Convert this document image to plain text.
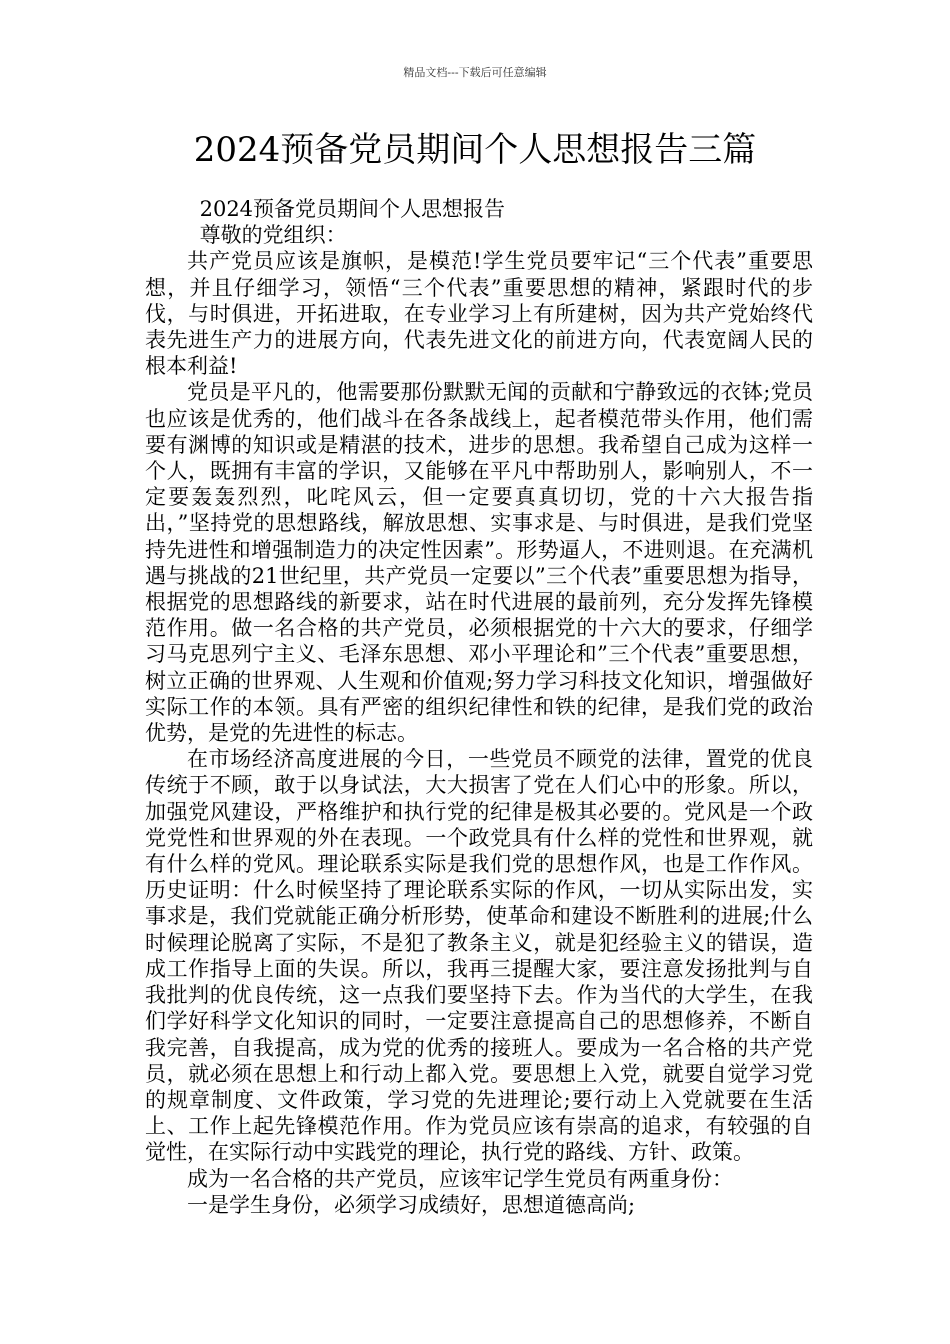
精品文档---下载后可任意编辑
2024预备党员期间个人思想报告三篇

2024预备党员期间个人思想报告

尊敬的党组织：

共产党员应该是旗帜，是模范!学生党员要牢记“三个代表”重要思想，并且仔细学习，领悟“三个代表”重要思想的精神，紧跟时代的步伐，与时俱进，开拓进取，在专业学习上有所建树，因为共产党始终代表先进生产力的进展方向，代表先进文化的前进方向，代表宽阔人民的根本利益!

党员是平凡的，他需要那份默默无闻的贡献和宁静致远的衣钵;党员也应该是优秀的，他们战斗在各条战线上，起者模范带头作用，他们需要有渊博的知识或是精湛的技术，进步的思想。我希望自己成为这样一个人，既拥有丰富的学识，又能够在平凡中帮助别人，影响别人，不一定要轰轰烈烈，叱咤风云，但一定要真真切切，党的十六大报告指出，”坚持党的思想路线，解放思想、实事求是、与时俱进，是我们党坚持先进性和增强制造力的决定性因素”。形势逼人，不进则退。在充满机遇与挑战的21世纪里，共产党员一定要以”三个代表”重要思想为指导，根据党的思想路线的新要求，站在时代进展的最前列，充分发挥先锋模范作用。做一名合格的共产党员，必须根据党的十六大的要求，仔细学习马克思列宁主义、毛泽东思想、邓小平理论和”三个代表”重要思想，树立正确的世界观、人生观和价值观;努力学习科技文化知识，增强做好实际工作的本领。具有严密的组织纪律性和铁的纪律，是我们党的政治优势，是党的先进性的标志。

在市场经济高度进展的今日，一些党员不顾党的法律，置党的优良传统于不顾，敢于以身试法，大大损害了党在人们心中的形象。所以，加强党风建设，严格维护和执行党的纪律是极其必要的。党风是一个政党党性和世界观的外在表现。一个政党具有什么样的党性和世界观，就有什么样的党风。理论联系实际是我们党的思想作风，也是工作作风。历史证明：什么时候坚持了理论联系实际的作风，一切从实际出发，实事求是，我们党就能正确分析形势，使革命和建设不断胜利的进展;什么时候理论脱离了实际，不是犯了教条主义，就是犯经验主义的错误，造成工作指导上面的失误。所以，我再三提醒大家，要注意发扬批判与自我批判的优良传统，这一点我们要坚持下去。作为当代的大学生，在我们学好科学文化知识的同时，一定要注意提高自己的思想修养，不断自我完善，自我提高，成为党的优秀的接班人。要成为一名合格的共产党员，就必须在思想上和行动上都入党。要思想上入党，就要自觉学习党的规章制度、文件政策，学习党的先进理论;要行动上入党就要在生活上、工作上起先锋模范作用。作为党员应该有崇高的追求，有较强的自觉性，在实际行动中实践党的理论，执行党的路线、方针、政策。

成为一名合格的共产党员，应该牢记学生党员有两重身份：

一是学生身份，必须学习成绩好，思想道德高尚;
